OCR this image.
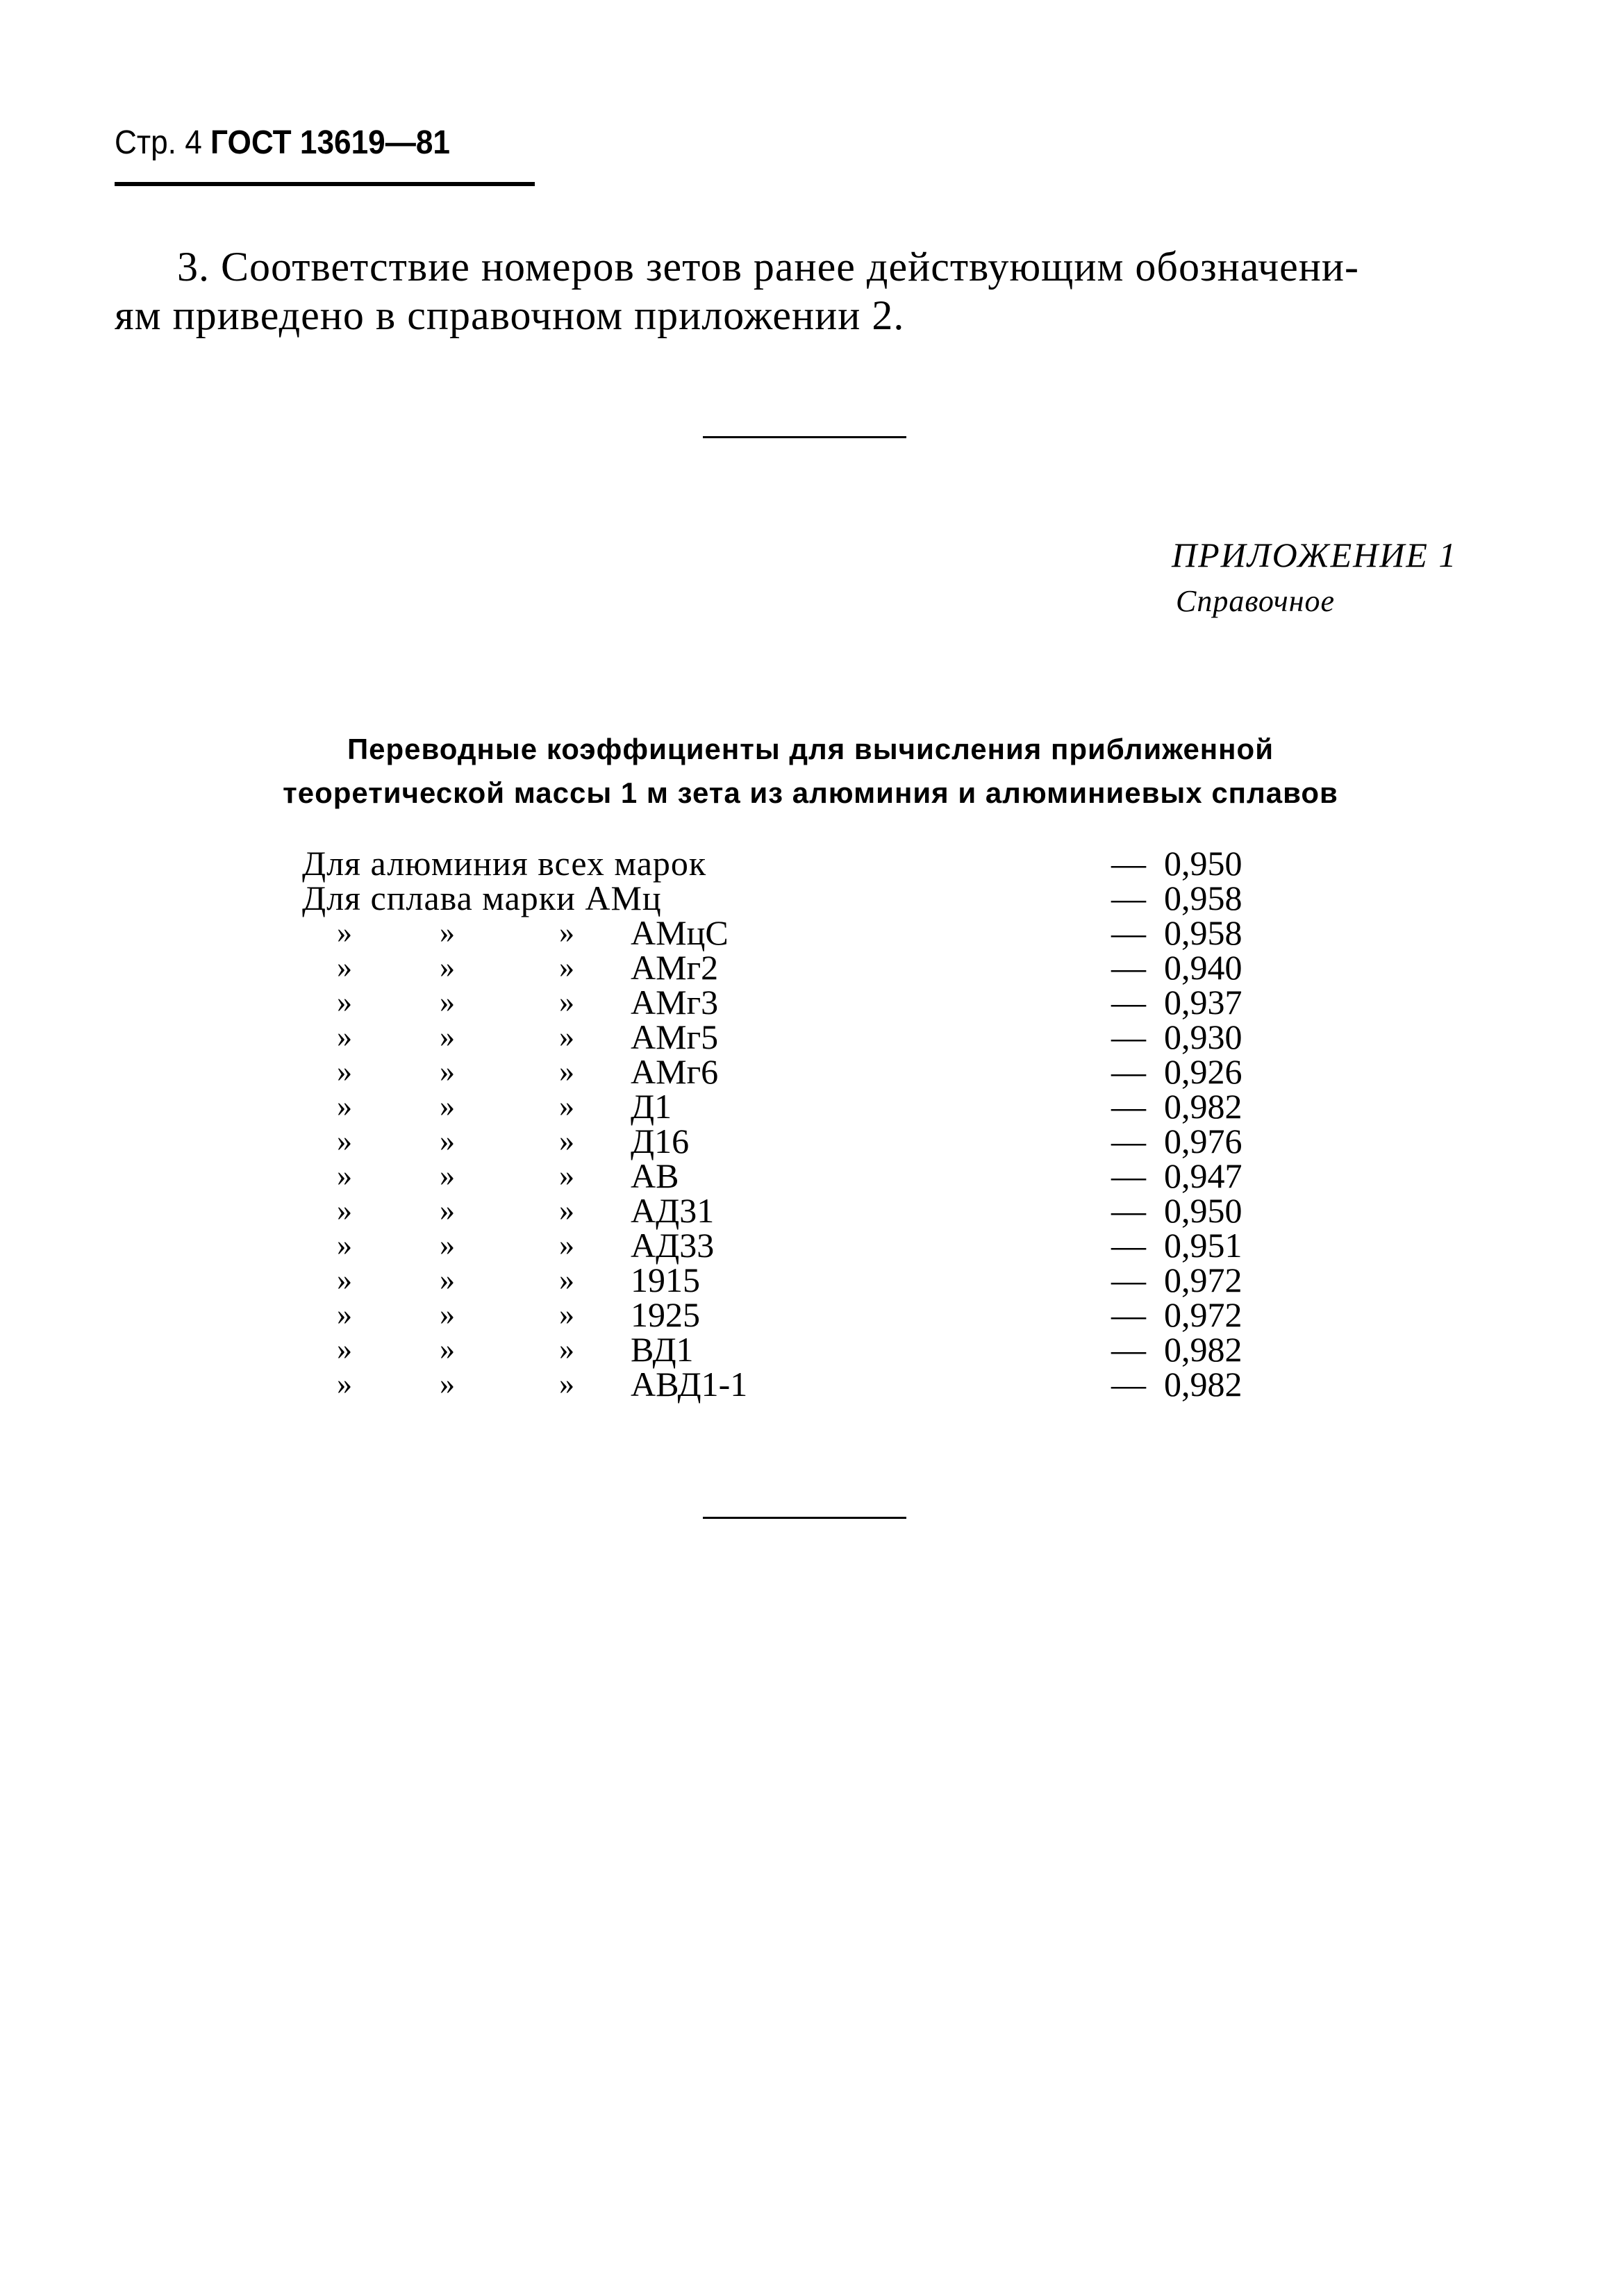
Стр. 4 ГОСТ 13619—81
3. Соответствие номеров зетов ранее действующим обозначени-
ям приведено в справочном приложении 2.
ПРИЛОЖЕНИЕ 1
Справочное
Переводные коэффициенты для вычисления приближенной
теоретической массы 1 м зета из алюминия и алюминиевых сплавов
Для алюминия всех марок	— 0,950
Для сплава марки АМц	— 0,958
»	»	» АМцС	— 0,958
»	»	» АМг2	— 0,940
»	»	» АМг3	— 0,937
»	»	» АМг5	— 0,930
»	»	» АМг6	— 0,926
»	»	» Д1	— 0,982
»	»	» Д16	— 0,976
»	»	» АВ	— 0,947
»	»	» АД31	— 0,950
»	»	» АД33	— 0,951
»	»	» 1915	— 0,972
»	»	» 1925	— 0,972
»	»	» ВД1	— 0,982
»	»	» АВД1-1	— 0,982
